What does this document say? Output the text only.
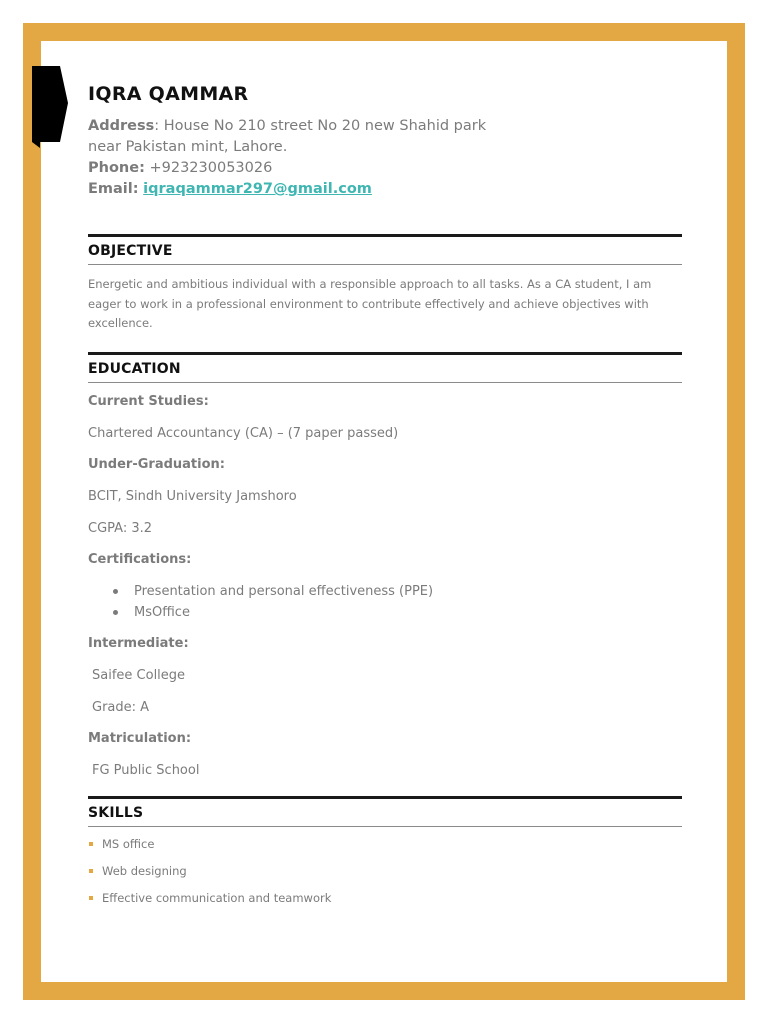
IQRA QAMMAR
Address: House No 210 street No 20 new Shahid park
near Pakistan mint, Lahore.
Phone: +923230053026
Email: iqraqammar297@gmail.com
OBJECTIVE

Energetic and ambitious individual with a responsible approach to all tasks. As a CA student, I am eager to work in a professional environment to contribute effectively and achieve objectives with excellence.

EDUCATION

Current Studies:

Chartered Accountancy (CA) – (7 paper passed)

Under-Graduation:

BCIT, Sindh University Jamshoro

CGPA: 3.2

Certifications:

Presentation and personal effectiveness (PPE)
MsOffice

Intermediate:

Saifee College

Grade: A

Matriculation:

FG Public School

SKILLS
MS office
Web designing
Effective communication and teamwork
